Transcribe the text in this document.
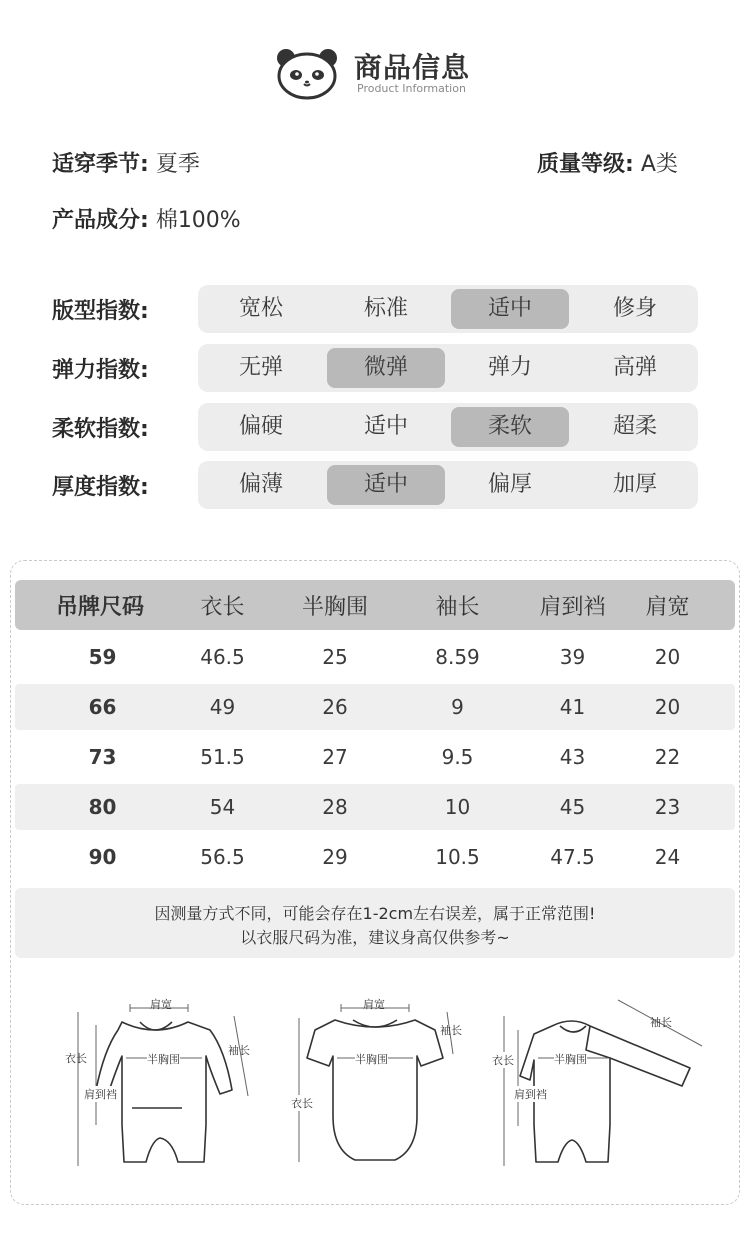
商品信息
Product Information
适穿季节: 夏季	质量等级: A类
产品成分: 棉100%
版型指数:	宽松	标准	适中	修身
弹力指数:	无弹	微弹	弹力	高弹
柔软指数:	偏硬	适中	柔软	超柔
厚度指数:	偏薄	适中	偏厚	加厚
吊牌尺码	衣长	半胸围	袖长	肩到裆	肩宽
59	46.5	25	8.59	39	20
66	49	26	9	41	20
73	51.5	27	9.5	43	22
80	54	28	10	45	23
90	56.5	29	10.5	47.5	24
因测量方式不同，可能会存在1-2cm左右误差，属于正常范围!
以衣服尺码为准，建议身高仅供参考~
肩宽
衣长	半胸围
袖长
肩到裆
肩宽
半胸围
袖长
衣长
袖长
衣长	半胸围
肩到裆
